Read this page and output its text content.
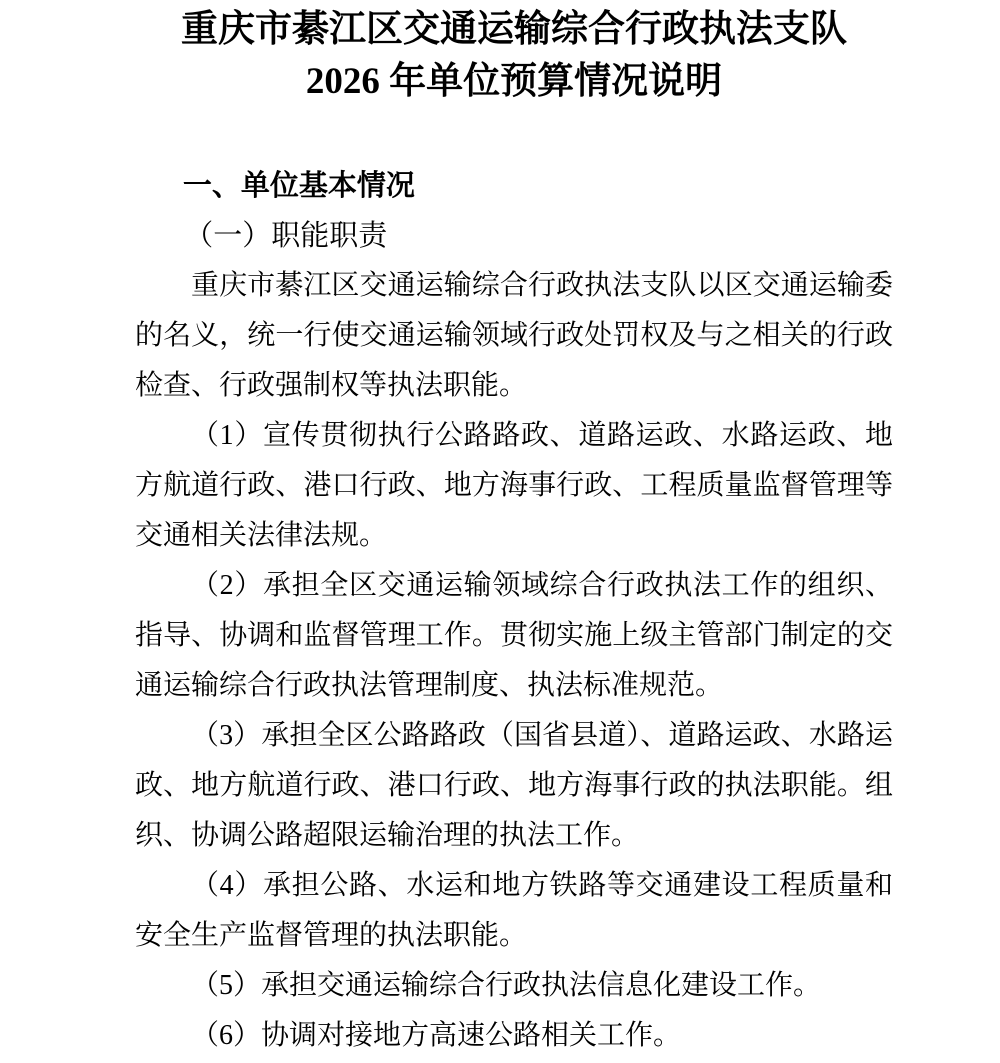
重庆市綦江区交通运输综合行政执法支队
2026 年单位预算情况说明
一、单位基本情况
（一）职能职责

重庆市綦江区交通运输综合行政执法支队以区交通运输委的名义，统一行使交通运输领域行政处罚权及与之相关的行政检查、行政强制权等执法职能。

（1）宣传贯彻执行公路路政、道路运政、水路运政、地方航道行政、港口行政、地方海事行政、工程质量监督管理等交通相关法律法规。

（2）承担全区交通运输领域综合行政执法工作的组织、指导、协调和监督管理工作。贯彻实施上级主管部门制定的交通运输综合行政执法管理制度、执法标准规范。

（3）承担全区公路路政（国省县道）、道路运政、水路运政、地方航道行政、港口行政、地方海事行政的执法职能。组织、协调公路超限运输治理的执法工作。

（4）承担公路、水运和地方铁路等交通建设工程质量和安全生产监督管理的执法职能。

（5）承担交通运输综合行政执法信息化建设工作。

（6）协调对接地方高速公路相关工作。
